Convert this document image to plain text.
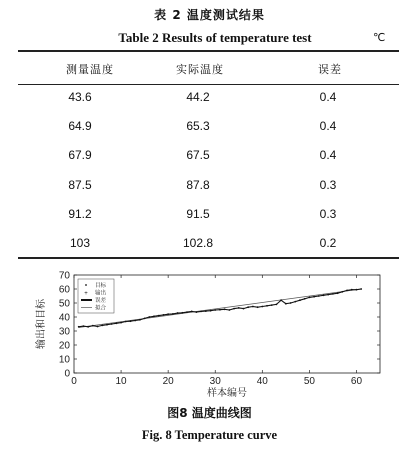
表 2 温度测试结果
Table 2 Results of temperature test	℃
测量温度	实际温度	误差
43.6	44.2	0.4
64.9	65.3	0.4
67.9	67.5	0.4
87.5	87.8	0.3
91.2	91.5	0.3
103	102.8	0.2
0	10	20	30	40	50	60
0
10
20
30
40
50
60
70
样本编号
输出和目标
目标
+ 输出
误差
拟合
图8 温度曲线图
Fig. 8 Temperature curve
